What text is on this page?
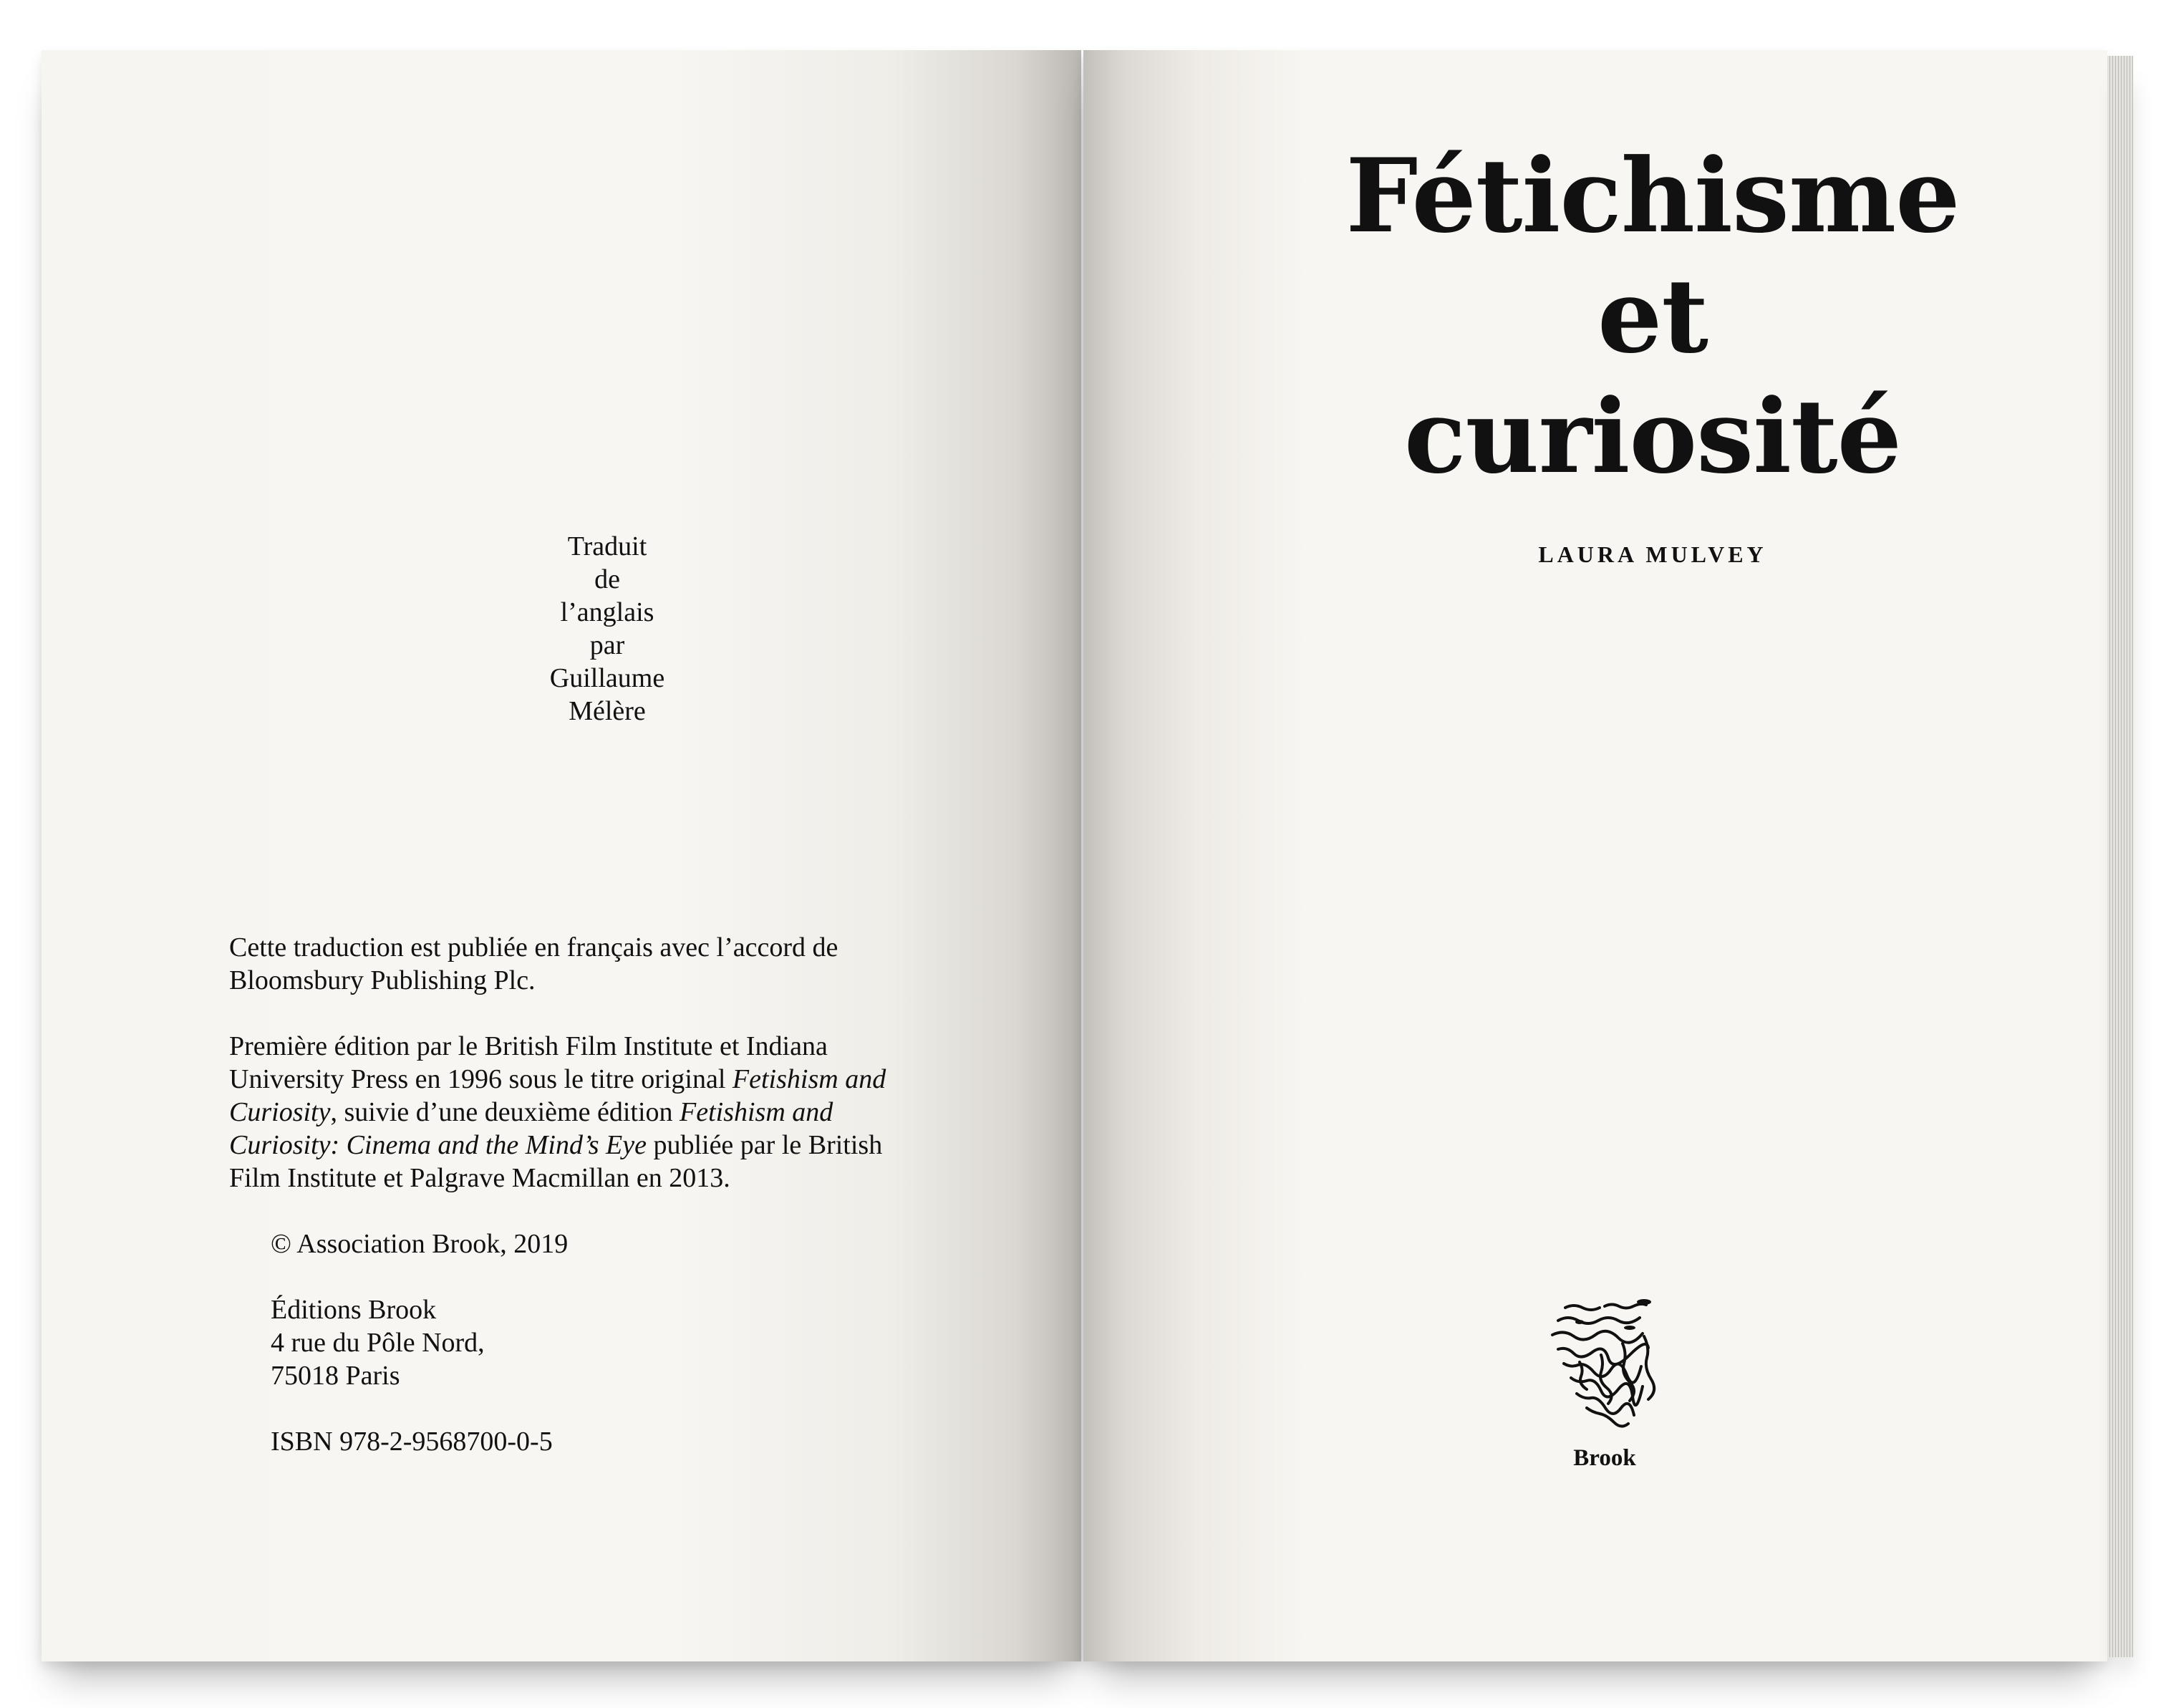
Traduit
de
l’anglais
par
Guillaume
Mélère

Cette traduction est publiée en français avec l’accord de Bloomsbury Publishing Plc.

Première édition par le British Film Institute et Indiana University Press en 1996 sous le titre original Fetishism and Curiosity, suivie d’une deuxième édition Fetishism and Curiosity: Cinema and the Mind’s Eye publiée par le British Film Institute et Palgrave Macmillan en 2013.

© Association Brook, 2019

Éditions Brook
4 rue du Pôle Nord,
75018 Paris

ISBN 978-2-9568700-0-5

Fétichisme
et
curiosité
LAURA MULVEY
Brook
